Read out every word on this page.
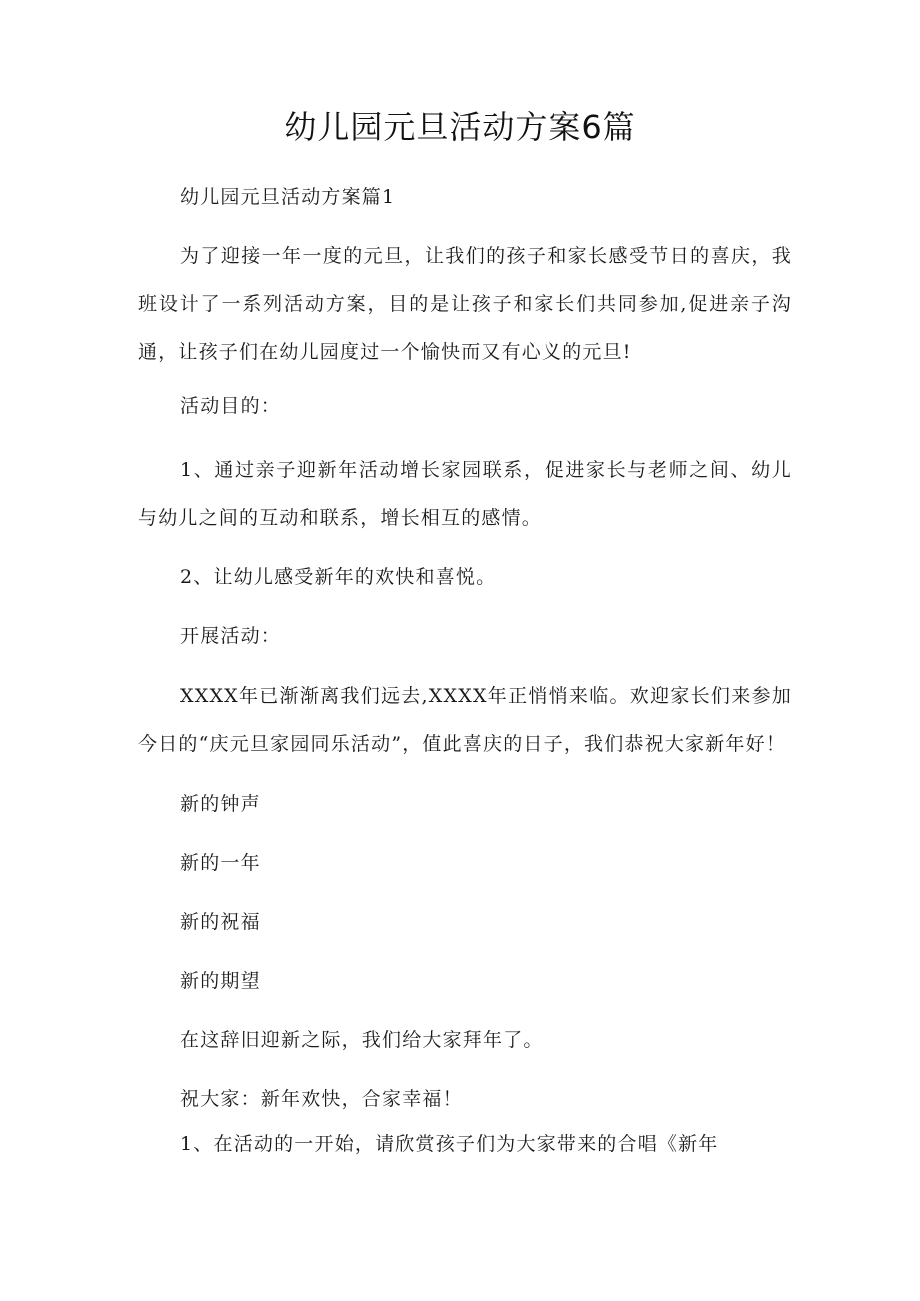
幼儿园元旦活动方案6篇
幼儿园元旦活动方案篇1
为了迎接一年一度的元旦，让我们的孩子和家长感受节日的喜庆，我班设计了一系列活动方案，目的是让孩子和家长们共同参加,促进亲子沟通，让孩子们在幼儿园度过一个愉快而又有心义的元旦!
活动目的：
1、通过亲子迎新年活动增长家园联系，促进家长与老师之间、幼儿与幼儿之间的互动和联系，增长相互的感情。
2、让幼儿感受新年的欢快和喜悦。
开展活动：
XXXX年已渐渐离我们远去,XXXX年正悄悄来临。欢迎家长们来参加今日的“庆元旦家园同乐活动”，值此喜庆的日子，我们恭祝大家新年好！
新的钟声
新的一年
新的祝福
新的期望
在这辞旧迎新之际，我们给大家拜年了。
祝大家：新年欢快，合家幸福！
1、在活动的一开始，请欣赏孩子们为大家带来的合唱《新年
